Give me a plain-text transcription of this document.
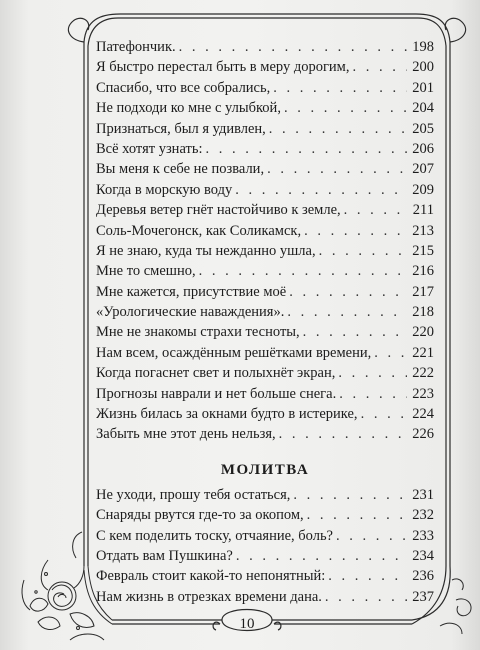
Патефончик. . . .	198
Я быстро перестал быть в меру дорогим, . . .	200
Спасибо, что все собрались, . . .	201
Не подходи ко мне с улыбкой, . . .	204
Признаться, был я удивлен, . . .	205
Всё хотят узнать: . . .	206
Вы меня к себе не позвали, . . .	207
Когда в морскую воду . . .	209
Деревья ветер гнёт настойчиво к земле, . . .	211
Соль-Мочегонск, как Соликамск, . . .	213
Я не знаю, куда ты нежданно ушла, . . .	215
Мне то смешно, . . .	216
Мне кажется, присутствие моё . . .	217
«Урологические наваждения». . . .	218
Мне не знакомы страхи тесноты, . . .	220
Нам всем, осаждённым решётками времени, . . .	221
Когда погаснет свет и полыхнёт экран, . . .	222
Прогнозы наврали и нет больше снега. . . .	223
Жизнь билась за окнами будто в истерике, . . .	224
Забыть мне этот день нельзя, . . .	226
МОЛИТВА
Не уходи, прошу тебя остаться, . . .	231
Снаряды рвутся где-то за окопом, . . .	232
С кем поделить тоску, отчаяние, боль? . . .	233
Отдать вам Пушкина? . . .	234
Февраль стоит какой-то непонятный: . . .	236
Нам жизнь в отрезках времени дана. . . .	237
10
